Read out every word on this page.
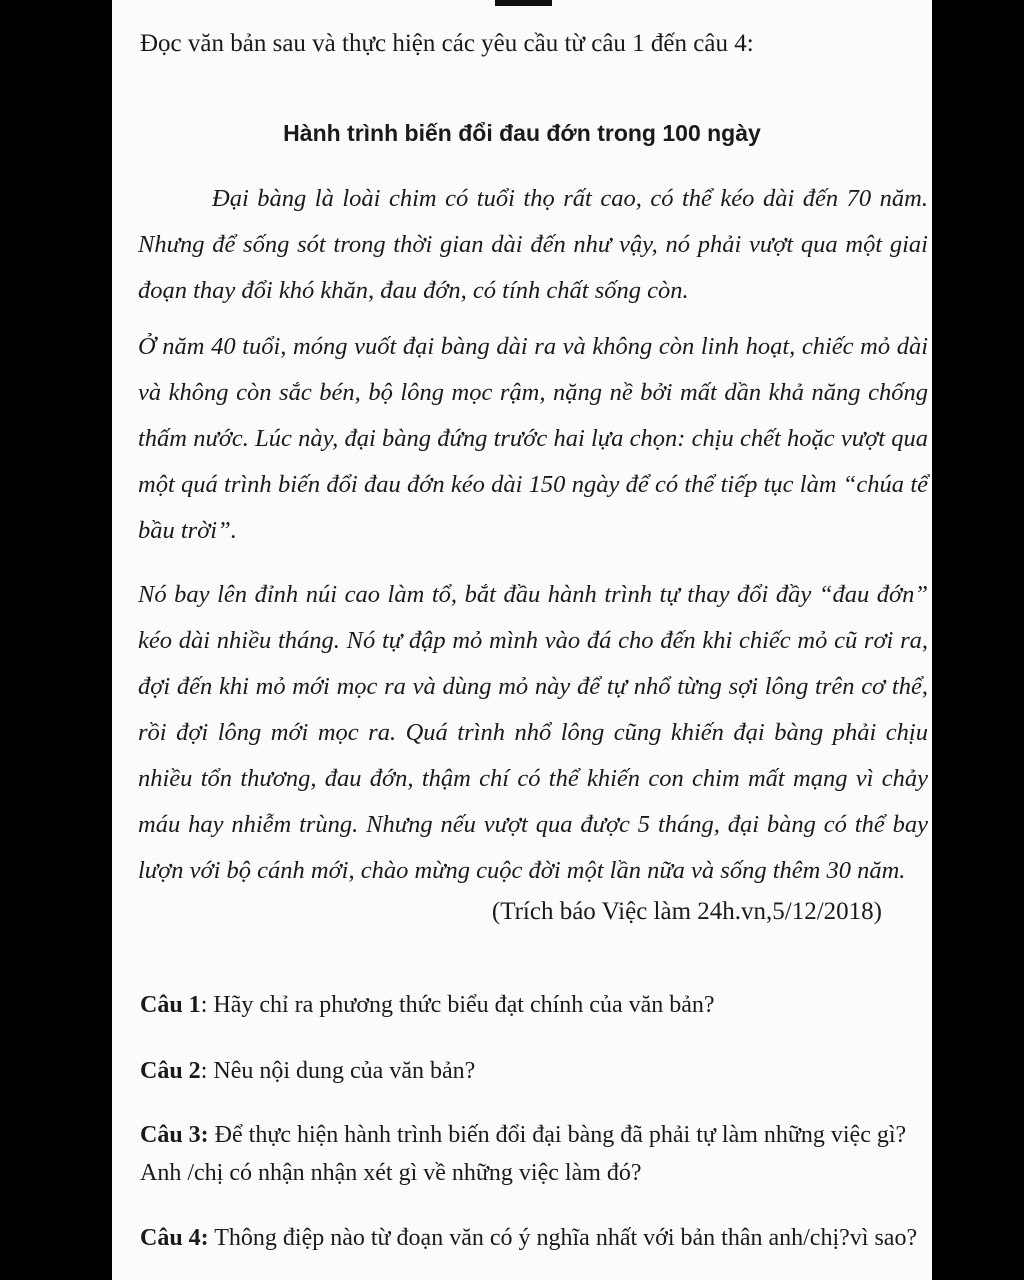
Đọc văn bản sau và thực hiện các yêu cầu từ câu 1 đến câu 4:
Hành trình biến đổi đau đớn trong 100 ngày
Đại bàng là loài chim có tuổi thọ rất cao, có thể kéo dài đến 70 năm. Nhưng để sống sót trong thời gian dài đến như vậy, nó phải vượt qua một giai đoạn thay đổi khó khăn, đau đớn, có tính chất sống còn.
Ở năm 40 tuổi, móng vuốt đại bàng dài ra và không còn linh hoạt, chiếc mỏ dài và không còn sắc bén, bộ lông mọc rậm, nặng nề bởi mất dần khả năng chống thấm nước. Lúc này, đại bàng đứng trước hai lựa chọn: chịu chết hoặc vượt qua một quá trình biến đổi đau đớn kéo dài 150 ngày để có thể tiếp tục làm “chúa tể bầu trời”.
Nó bay lên đỉnh núi cao làm tổ, bắt đầu hành trình tự thay đổi đầy “đau đớn” kéo dài nhiều tháng. Nó tự đập mỏ mình vào đá cho đến khi chiếc mỏ cũ rơi ra, đợi đến khi mỏ mới mọc ra và dùng mỏ này để tự nhổ từng sợi lông trên cơ thể, rồi đợi lông mới mọc ra. Quá trình nhổ lông cũng khiến đại bàng phải chịu nhiều tổn thương, đau đớn, thậm chí có thể khiến con chim mất mạng vì chảy máu hay nhiễm trùng. Nhưng nếu vượt qua được 5 tháng, đại bàng có thể bay lượn với bộ cánh mới, chào mừng cuộc đời một lần nữa và sống thêm 30 năm.
(Trích báo Việc làm 24h.vn,5/12/2018)
Câu 1: Hãy chỉ ra phương thức biểu đạt chính của văn bản?
Câu 2: Nêu nội dung của văn bản?
Câu 3: Để thực hiện hành trình biến đổi đại bàng đã phải tự làm những việc gì? Anh /chị có nhận nhận xét gì về những việc làm đó?
Câu 4: Thông điệp nào từ đoạn văn có ý nghĩa nhất với bản thân anh/chị?vì sao?
